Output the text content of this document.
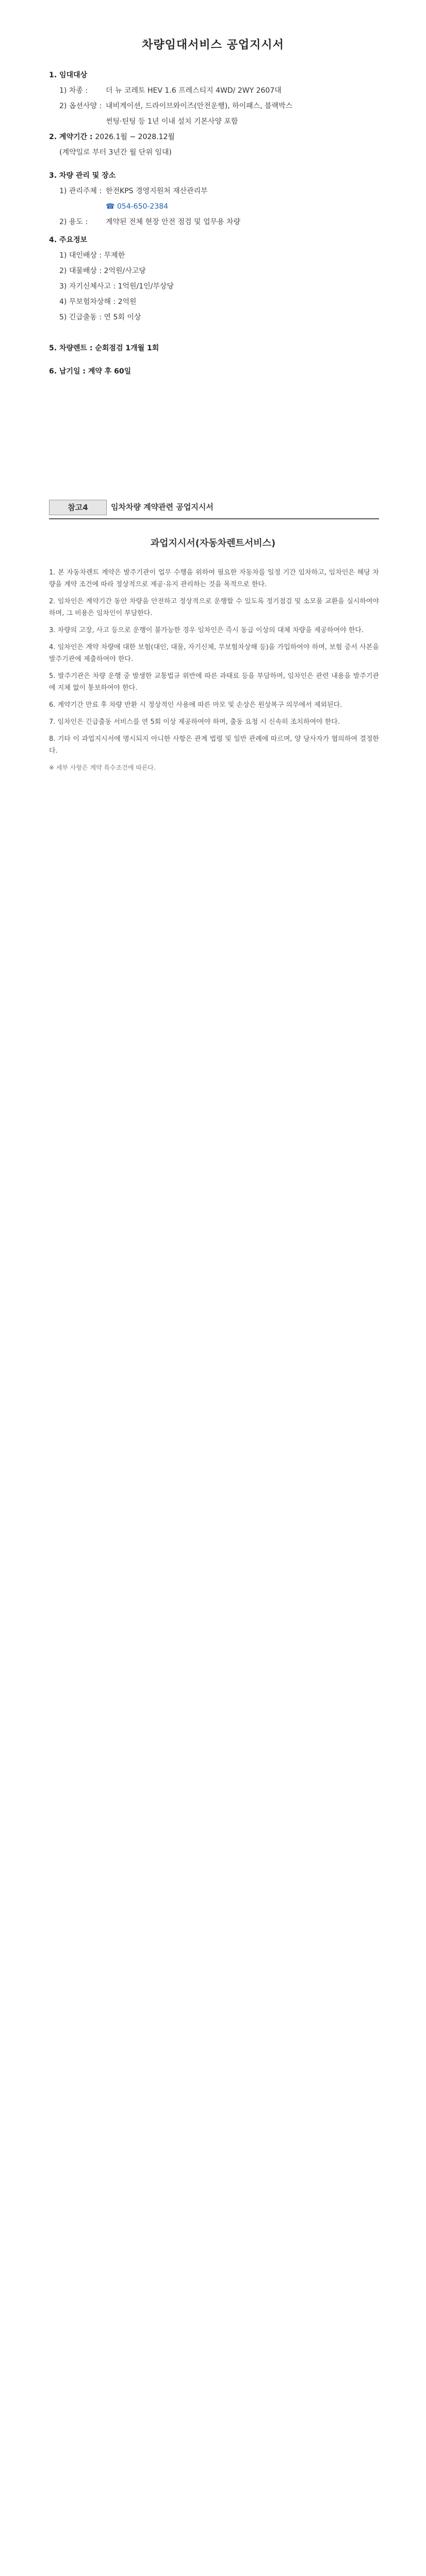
차량임대서비스 공업지시서
1. 임대대상
1) 차종 :	더 뉴 코레토 HEV 1.6 프레스티지 4WD/ 2WY 2607대
2) 옵션사양 : 내비게이션, 드라이브와이즈(안전운행), 하이패스, 블랙박스
썬팅·틴팅 등 1년 이내 설치 기본사양 포함
2. 계약기간 : 2026.1월 ~ 2028.12월
(계약일로 부터 3년간 월 단위 임대)
3. 차량 관리 및 장소
1) 관리주체 : 한전KPS 경영지원처 재산관리부
☎ 054-650-2384
2) 용도 :	계약된 전체 현장 안전 점검 및 업무용 차량
4. 주요정보
1) 대인배상 : 무제한
2) 대물배상 : 2억원/사고당
3) 자기신체사고 : 1억원/1인/부상당
4) 무보험차상해 : 2억원
5) 긴급출동 : 연 5회 이상
5. 차량렌트 : 순회점검 1개월 1회
6. 납기일 : 계약 후 60일
참고4	임차차량 계약관련 공업지시서
과업지시서(자동차렌트서비스)

1. 본 자동차렌트 계약은 발주기관이 업무 수행을 위하여 필요한 자동차를 일정 기간 임차하고, 임차인은 해당 차량을 계약 조건에 따라 정상적으로 제공·유지 관리하는 것을 목적으로 한다.

2. 임차인은 계약기간 동안 차량을 안전하고 정상적으로 운행할 수 있도록 정기점검 및 소모품 교환을 실시하여야 하며, 그 비용은 임차인이 부담한다.

3. 차량의 고장, 사고 등으로 운행이 불가능한 경우 임차인은 즉시 동급 이상의 대체 차량을 제공하여야 한다.

4. 임차인은 계약 차량에 대한 보험(대인, 대물, 자기신체, 무보험차상해 등)을 가입하여야 하며, 보험 증서 사본을 발주기관에 제출하여야 한다.

5. 발주기관은 차량 운행 중 발생한 교통법규 위반에 따른 과태료 등을 부담하며, 임차인은 관련 내용을 발주기관에 지체 없이 통보하여야 한다.

6. 계약기간 만료 후 차량 반환 시 정상적인 사용에 따른 마모 및 손상은 원상복구 의무에서 제외된다.

7. 임차인은 긴급출동 서비스를 연 5회 이상 제공하여야 하며, 출동 요청 시 신속히 조치하여야 한다.

8. 기타 이 과업지시서에 명시되지 아니한 사항은 관계 법령 및 일반 관례에 따르며, 양 당사자가 협의하여 결정한다.

※ 세부 사항은 계약 특수조건에 따른다.
